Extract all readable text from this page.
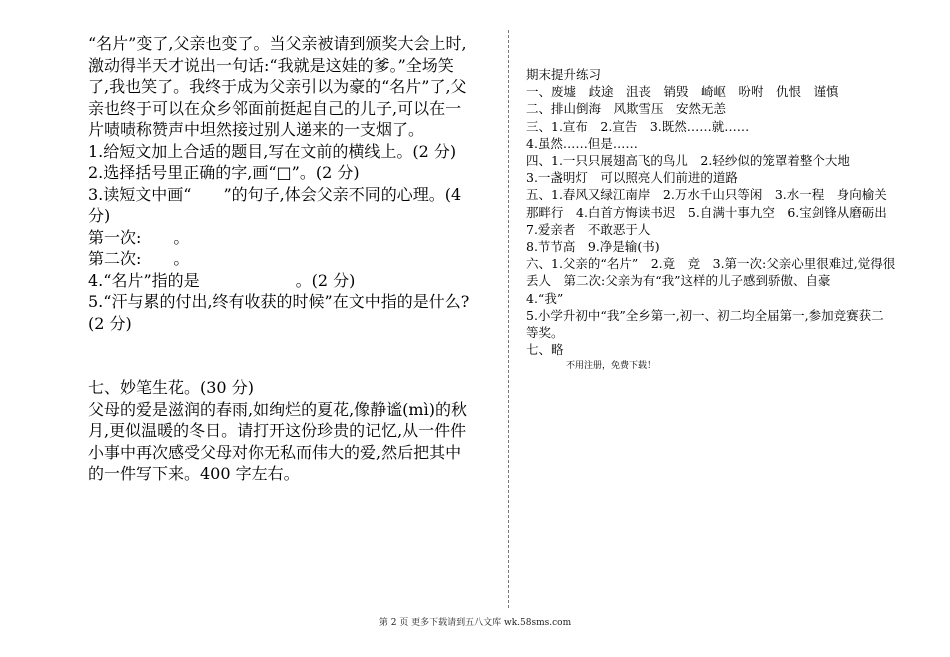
“名片”变了,父亲也变了。当父亲被请到颁奖大会上时,激动得半天才说出一句话:“我就是这娃的爹。”全场笑了,我也笑了。我终于成为父亲引以为豪的“名片”了,父亲也终于可以在众乡邻面前挺起自己的儿子,可以在一片啧啧称赞声中坦然接过别人递来的一支烟了。

1.给短文加上合适的题目,写在文前的横线上。(2 分)

2.选择括号里正确的字,画“□”。(2 分)

3.读短文中画“　　”的句子,体会父亲不同的心理。(4 分)

第一次:　　。

第二次:　　。

4.“名片”指的是　　　　　　。(2 分)

5.“汗与累的付出,终有收获的时候”在文中指的是什么?(2 分)

七、妙笔生花。(30 分)

父母的爱是滋润的春雨,如绚烂的夏花,像静谧(mì)的秋月,更似温暖的冬日。请打开这份珍贵的记忆,从一件件小事中再次感受父母对你无私而伟大的爱,然后把其中的一件写下来。400 字左右。

期末提升练习

一、废墟　歧途　沮丧　销毁　崎岖　吩咐　仇恨　谨慎

二、排山倒海　风欺雪压　安然无恙

三、1.宣布　2.宣告　3.既然……就……

4.虽然……但是……

四、1.一只只展翅高飞的鸟儿　2.轻纱似的笼罩着整个大地

3.一盏明灯　可以照亮人们前进的道路

五、1.春风又绿江南岸　2.万水千山只等闲　3.水一程　身向榆关那畔行　4.白首方悔读书迟　5.自满十事九空　6.宝剑锋从磨砺出　7.爱亲者　不敢恶于人

8.节节高　9.净是输(书)

六、1.父亲的“名片”　2.竟　竞　3.第一次:父亲心里很难过,觉得很丢人　第二次:父亲为有“我”这样的儿子感到骄傲、自豪

4.“我”

5.小学升初中“我”全乡第一,初一、初二均全届第一,参加竞赛获二等奖。

七、略

不用注册，免费下载！

第 2 页 更多下载请到五八文库 wk.58sms.com
